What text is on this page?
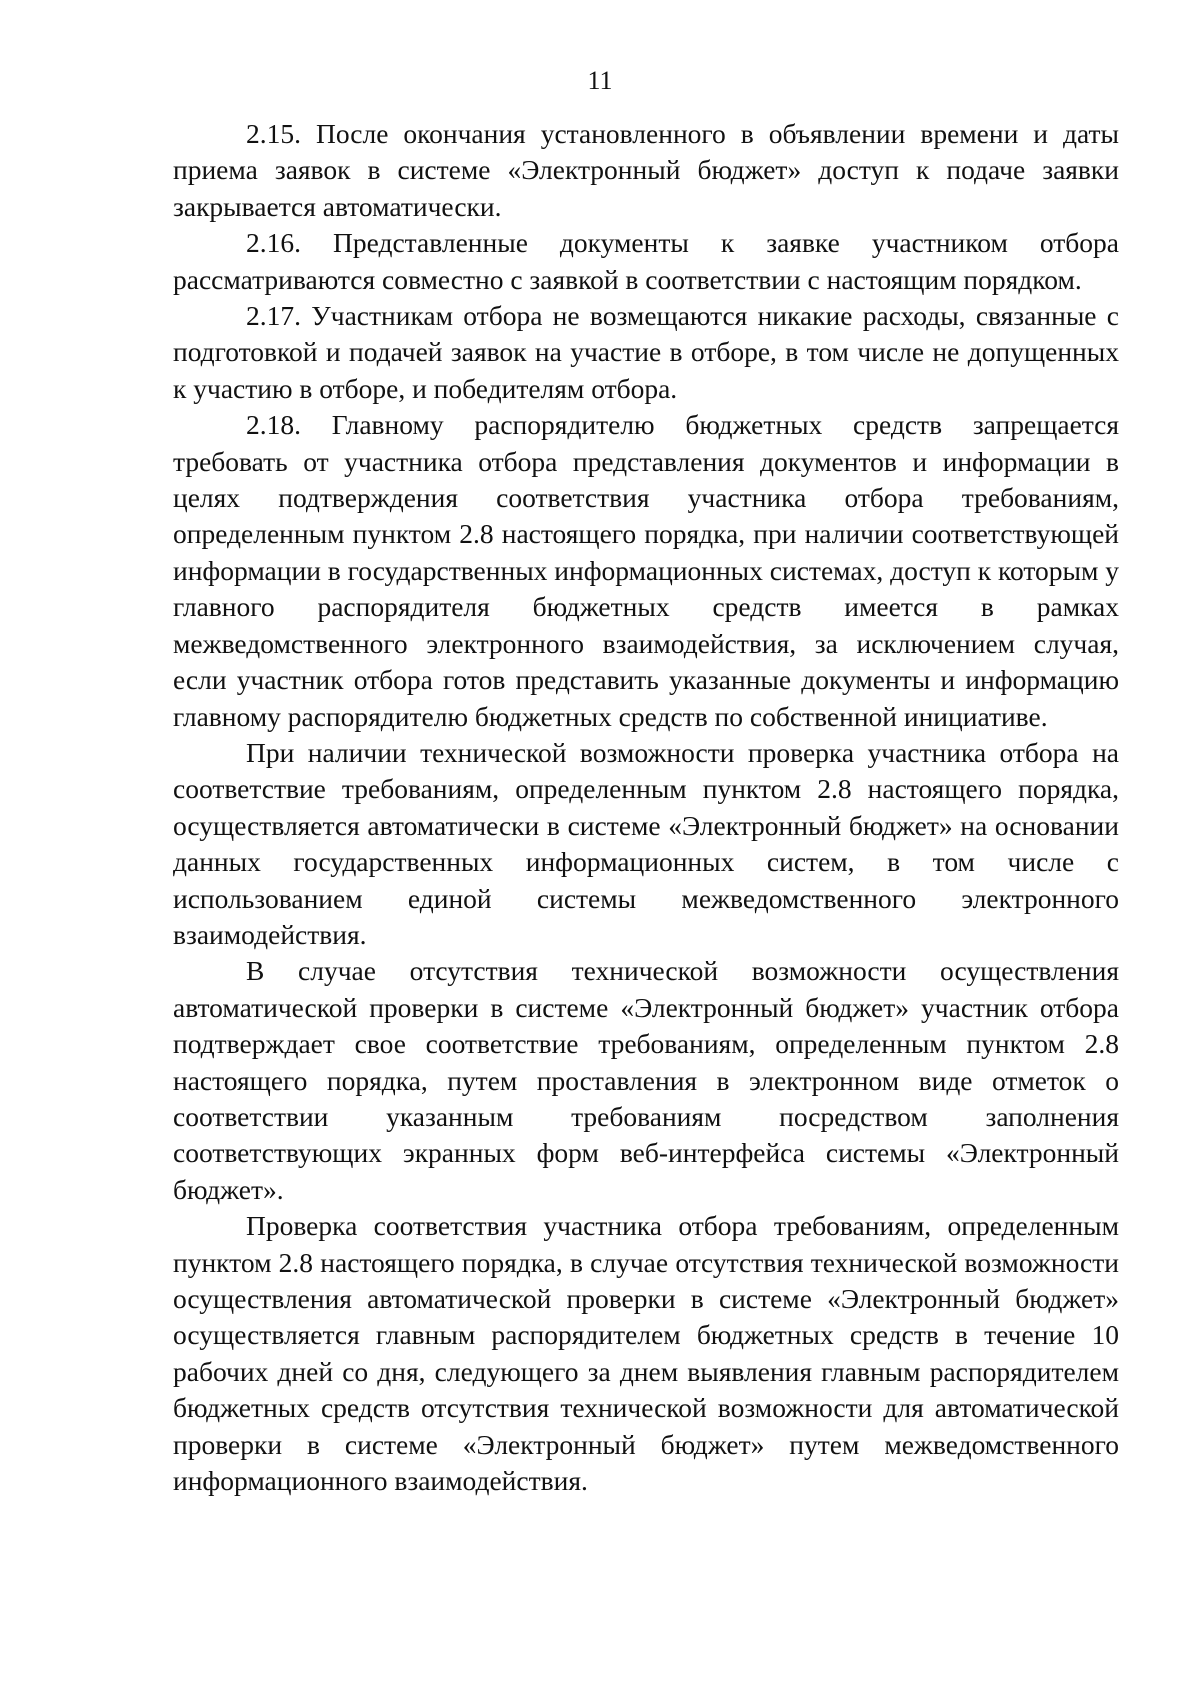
11

2.15. После окончания установленного в объявлении времени и даты приема заявок в системе «Электронный бюджет» доступ к подаче заявки закрывается автоматически.

2.16. Представленные документы к заявке участником отбора рассматриваются совместно с заявкой в соответствии с настоящим порядком.

2.17. Участникам отбора не возмещаются никакие расходы, связанные с подготовкой и подачей заявок на участие в отборе, в том числе не допущенных к участию в отборе, и победителям отбора.

2.18. Главному распорядителю бюджетных средств запрещается требовать от участника отбора представления документов и информации в целях подтверждения соответствия участника отбора требованиям, определенным пунктом 2.8 настоящего порядка, при наличии соответствующей информации в государственных информационных системах, доступ к которым у главного распорядителя бюджетных средств имеется в рамках межведомственного электронного взаимодействия, за исключением случая, если участник отбора готов представить указанные документы и информацию главному распорядителю бюджетных средств по собственной инициативе.

При наличии технической возможности проверка участника отбора на соответствие требованиям, определенным пунктом 2.8 настоящего порядка, осуществляется автоматически в системе «Электронный бюджет» на основании данных государственных информационных систем, в том числе с использованием единой системы межведомственного электронного взаимодействия.

В случае отсутствия технической возможности осуществления автоматической проверки в системе «Электронный бюджет» участник отбора подтверждает свое соответствие требованиям, определенным пунктом 2.8 настоящего порядка, путем проставления в электронном виде отметок о соответствии указанным требованиям посредством заполнения соответствующих экранных форм веб-интерфейса системы «Электронный бюджет».

Проверка соответствия участника отбора требованиям, определенным пунктом 2.8 настоящего порядка, в случае отсутствия технической возможности осуществления автоматической проверки в системе «Электронный бюджет» осуществляется главным распорядителем бюджетных средств в течение 10 рабочих дней со дня, следующего за днем выявления главным распорядителем бюджетных средств отсутствия технической возможности для автоматической проверки в системе «Электронный бюджет» путем межведомственного информационного взаимодействия.
